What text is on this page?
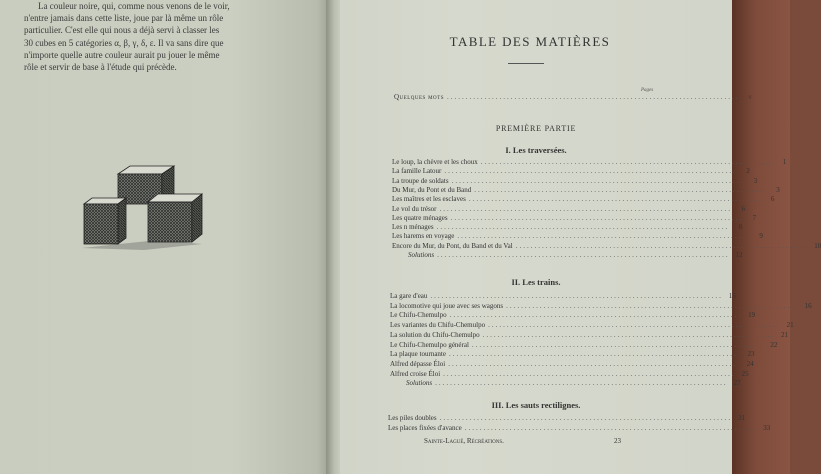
La couleur noire, qui, comme nous venons de le voir,

n'entre jamais dans cette liste, joue par là même un rôle
particulier. C'est elle qui nous a déjà servi à classer les
30 cubes en 5 catégories α, β, γ, δ, ε. Il va sans dire que
n'importe quelle autre couleur aurait pu jouer le même
rôle et servir de base à l'étude qui précède.
TABLE DES MATIÈRES
Pages
Quelques mots ..............................................................................	v
PREMIÈRE PARTIE
I. Les traversées.
Le loup, la chèvre et les choux ..............................................................................	1
La famille Latour ..............................................................................	2
La troupe de soldats ..............................................................................	3
Du Mur, du Pont et du Band ..............................................................................	3
Les maîtres et les esclaves ..............................................................................	6
Le vol du trésor ..............................................................................	6
Les quatre ménages ..............................................................................	7
Les n ménages ..............................................................................	8
Les harems en voyage ..............................................................................	9
Encore du Mur, du Pont, du Band et du Val .............................................................................. 10
Solutions .............................................................................. 12
II. Les trains.
La gare d'eau .............................................................................. 15
La locomotive qui joue avec ses wagons .............................................................................. 16
Le Chifu-Chemulpo .............................................................................. 19
Les variantes du Chifu-Chemulpo .............................................................................. 21
La solution du Chifu-Chemulpo .............................................................................. 21
Le Chifu-Chemulpo général .............................................................................. 22
La plaque tournante .............................................................................. 23
Alfred dépasse Éloi .............................................................................. 24
Alfred croise Éloi .............................................................................. 25
Solutions .............................................................................. 27
III. Les sauts rectilignes.
Les piles doubles .............................................................................. 31
Les places fixées d'avance .............................................................................. 33
Sainte-Laguë, Récréations.	23
